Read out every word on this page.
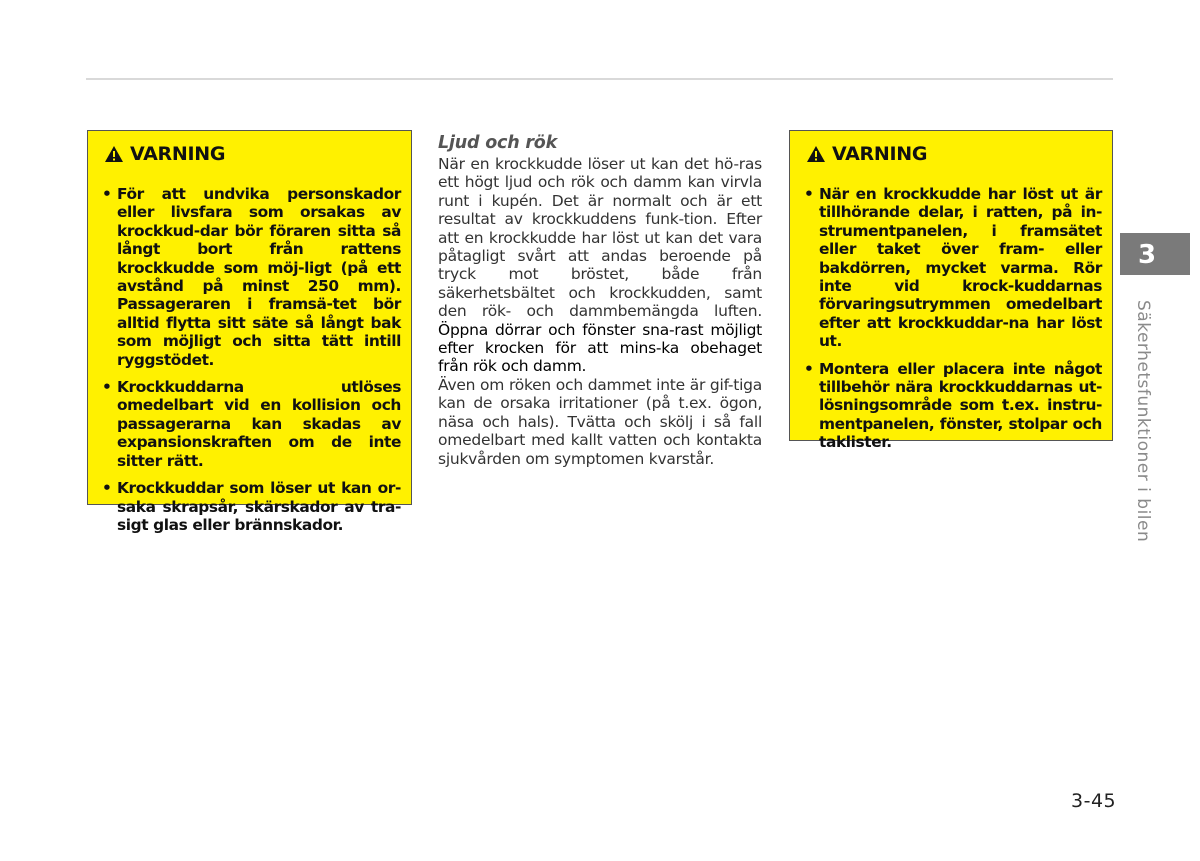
VARNING
• För att undvika personskador eller livsfara som orsakas av krockkud-dar bör föraren sitta så långt bort från rattens krockkudde som möj-ligt (på ett avstånd på minst 250 mm). Passageraren i framsä-tet bör alltid flytta sitt säte så långt bak som möjligt och sitta tätt intill ryggstödet.
• Krockkuddarna utlöses omedelbart vid en kollision och passagerarna kan skadas av expansionskraften om de inte sitter rätt.
• Krockkuddar som löser ut kan or-saka skrapsår, skärskador av tra-sigt glas eller brännskador.
Ljud och rök

När en krockkudde löser ut kan det hö-ras ett högt ljud och rök och damm kan virvla runt i kupén. Det är normalt och är ett resultat av krockkuddens funk-tion. Efter att en krockkudde har löst ut kan det vara påtagligt svårt att andas beroende på tryck mot bröstet, både från säkerhetsbältet och krockkudden, samt den rök- och dammbemängda luften. Öppna dörrar och fönster sna-rast möjligt efter krocken för att mins-ka obehaget från rök och damm.

Även om röken och dammet inte är gif-tiga kan de orsaka irritationer (på t.ex. ögon, näsa och hals). Tvätta och skölj i så fall omedelbart med kallt vatten och kontakta sjukvården om symptomen kvarstår.

VARNING
• När en krockkudde har löst ut är tillhörande delar, i ratten, på in-strumentpanelen, i framsätet eller taket över fram- eller bakdörren, mycket varma. Rör inte vid krock-kuddarnas förvaringsutrymmen omedelbart efter att krockkuddar-na har löst ut.
• Montera eller placera inte något tillbehör nära krockkuddarnas ut-lösningsområde som t.ex. instru-mentpanelen, fönster, stolpar och taklister.
3
Säkerhetsfunktioner i bilen
3-45
